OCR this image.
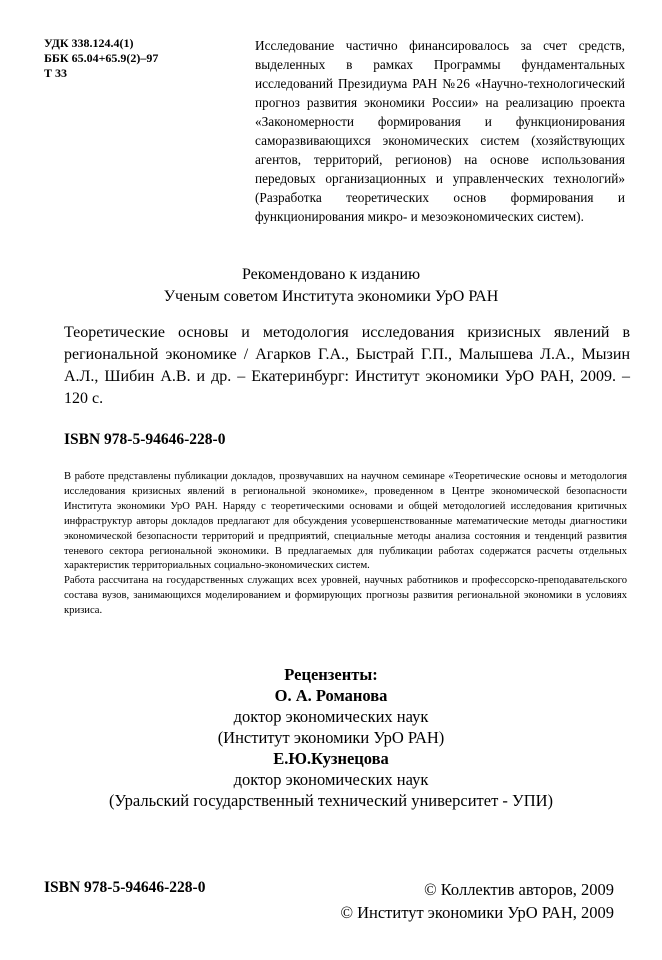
УДК 338.124.4(1)
ББК 65.04+65.9(2)–97
Т 33
Исследование частично финансировалось за счет средств, выделенных в рамках Программы фундаментальных исследований Президиума РАН №26 «Научно-технологический прогноз развития экономики России» на реализацию проекта «Закономерности формирования и функционирования саморазвивающихся экономических систем (хозяйствующих агентов, территорий, регионов) на основе использования передовых организационных и управленческих технологий» (Разработка теоретических основ формирования и функционирования микро- и мезоэкономических систем).
Рекомендовано к изданию
Ученым советом Института экономики УрО РАН
Теоретические основы и методология исследования кризисных явлений в региональной экономике / Агарков Г.А., Быстрай Г.П., Малышева Л.А., Мызин А.Л., Шибин А.В. и др. – Екатеринбург: Институт экономики УрО РАН, 2009. – 120 с.
ISBN 978-5-94646-228-0

В работе представлены публикации докладов, прозвучавших на научном семинаре «Теоретические основы и методология исследования кризисных явлений в региональной экономике», проведенном в Центре экономической безопасности Института экономики УрО РАН. Наряду с теоретическими основами и общей методологией исследования критичных инфраструктур авторы докладов предлагают для обсуждения усовершенствованные математические методы диагностики экономической безопасности территорий и предприятий, специальные методы анализа состояния и тенденций развития теневого сектора региональной экономики. В предлагаемых для публикации работах содержатся расчеты отдельных характеристик территориальных социально-экономических систем.

Работа рассчитана на государственных служащих всех уровней, научных работников и профессорско-преподавательского состава вузов, занимающихся моделированием и формирующих прогнозы развития региональной экономики в условиях кризиса.

Рецензенты:
О. А. Романова
доктор экономических наук
(Институт экономики УрО РАН)
Е.Ю.Кузнецова
доктор экономических наук
(Уральский государственный технический университет - УПИ)
ISBN 978-5-94646-228-0	© Коллектив авторов, 2009
© Институт экономики УрО РАН, 2009
